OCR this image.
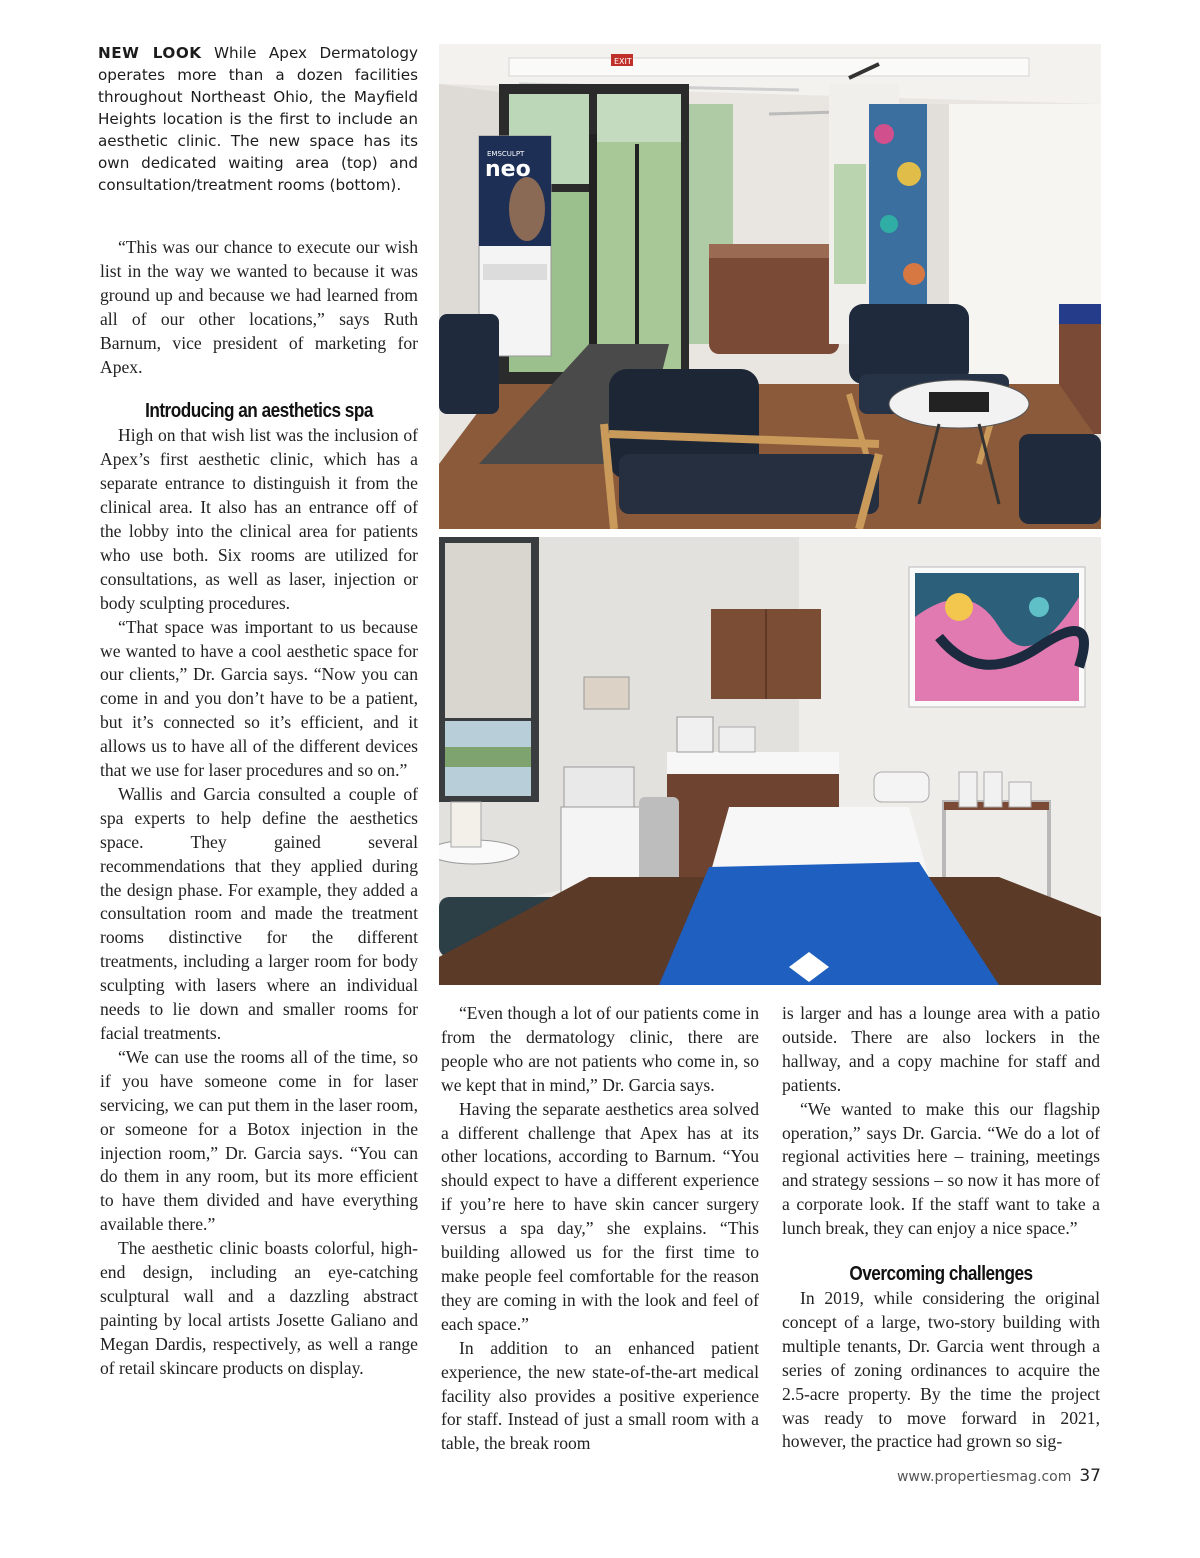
NEW LOOK While Apex Dermatology operates more than a dozen facilities throughout Northeast Ohio, the Mayfield Heights location is the first to include an aesthetic clinic. The new space has its own dedicated waiting area (top) and consultation/treatment rooms (bottom).
EXIT
EMSCULPT
neo

“This was our chance to execute our wish list in the way we wanted to because it was ground up and because we had learned from all of our other locations,” says Ruth Barnum, vice president of marketing for Apex.

Introducing an aesthetics spa

High on that wish list was the inclusion of Apex’s first aesthetic clinic, which has a separate entrance to distinguish it from the clinical area. It also has an entrance off of the lobby into the clinical area for patients who use both. Six rooms are utilized for consultations, as well as laser, injection or body sculpting procedures.

“That space was important to us because we wanted to have a cool aesthetic space for our clients,” Dr. Garcia says. “Now you can come in and you don’t have to be a patient, but it’s connected so it’s efficient, and it allows us to have all of the different devices that we use for laser procedures and so on.”

Wallis and Garcia consulted a couple of spa experts to help define the aesthetics space. They gained several recommendations that they applied during the design phase. For example, they added a consultation room and made the treatment rooms distinctive for the different treatments, including a larger room for body sculpting with lasers where an individual needs to lie down and smaller rooms for facial treatments.

“We can use the rooms all of the time, so if you have someone come in for laser servicing, we can put them in the laser room, or someone for a Botox injection in the injection room,” Dr. Garcia says. “You can do them in any room, but its more efficient to have them divided and have everything available there.”

The aesthetic clinic boasts colorful, high-end design, including an eye-catching sculptural wall and a dazzling abstract painting by local artists Josette Galiano and Megan Dardis, respectively, as well a range of retail skincare products on display.

“Even though a lot of our patients come in from the dermatology clinic, there are people who are not patients who come in, so we kept that in mind,” Dr. Garcia says.

Having the separate aesthetics area solved a different challenge that Apex has at its other locations, according to Barnum. “You should expect to have a different experience if you’re here to have skin cancer surgery versus a spa day,” she explains. “This building allowed us for the first time to make people feel comfortable for the reason they are coming in with the look and feel of each space.”

In addition to an enhanced patient experience, the new state-of-the-art medical facility also provides a positive experience for staff. Instead of just a small room with a table, the break room

is larger and has a lounge area with a patio outside. There are also lockers in the hallway, and a copy machine for staff and patients.

“We wanted to make this our flagship operation,” says Dr. Garcia. “We do a lot of regional activities here – training, meetings and strategy sessions – so now it has more of a corporate look. If the staff want to take a lunch break, they can enjoy a nice space.”

Overcoming challenges

In 2019, while considering the original concept of a large, two-story building with multiple tenants, Dr. Garcia went through a series of zoning ordinances to acquire the 2.5-acre property. By the time the project was ready to move forward in 2021, however, the practice had grown so sig-

www.propertiesmag.com 37
